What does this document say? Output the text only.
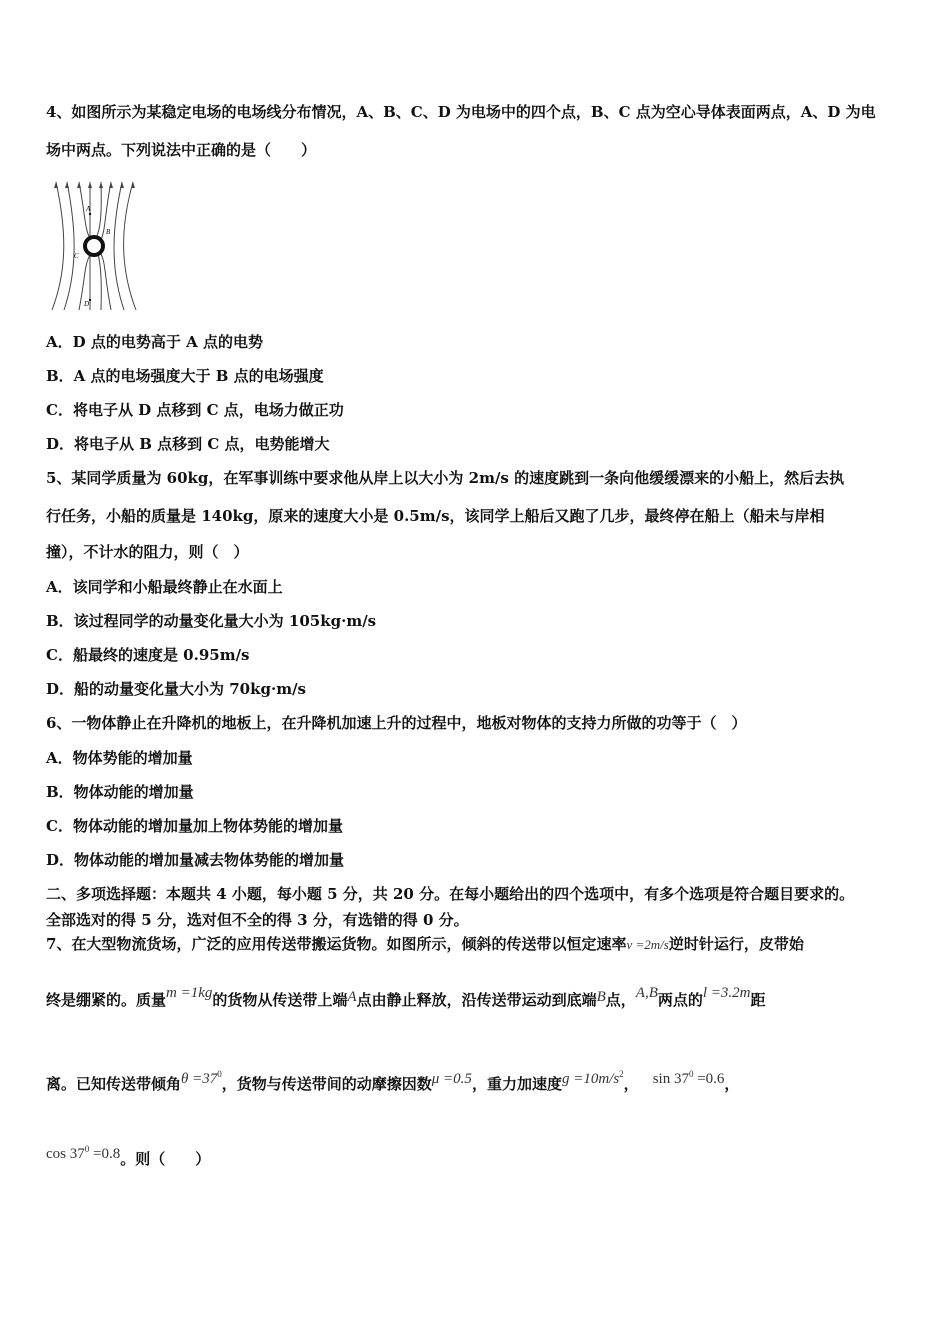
4、如图所示为某稳定电场的电场线分布情况，A、B、C、D 为电场中的四个点，B、C 点为空心导体表面两点，A、D 为电
场中两点。下列说法中正确的是（　　）
A
B
C
D
A．D 点的电势高于 A 点的电势
B．A 点的电场强度大于 B 点的电场强度
C．将电子从 D 点移到 C 点，电场力做正功
D．将电子从 B 点移到 C 点，电势能增大
5、某同学质量为 60kg，在军事训练中要求他从岸上以大小为 2m/s 的速度跳到一条向他缓缓漂来的小船上，然后去执
行任务，小船的质量是 140kg，原来的速度大小是 0.5m/s，该同学上船后又跑了几步，最终停在船上（船未与岸相
撞），不计水的阻力，则（　）
A．该同学和小船最终静止在水面上
B．该过程同学的动量变化量大小为 105kg·m/s
C．船最终的速度是 0.95m/s
D．船的动量变化量大小为 70kg·m/s
6、一物体静止在升降机的地板上，在升降机加速上升的过程中，地板对物体的支持力所做的功等于（　）
A．物体势能的增加量
B．物体动能的增加量
C．物体动能的增加量加上物体势能的增加量
D．物体动能的增加量减去物体势能的增加量
二、多项选择题：本题共 4 小题，每小题 5 分，共 20 分。在每小题给出的四个选项中，有多个选项是符合题目要求的。
全部选对的得 5 分，选对但不全的得 3 分，有选错的得 0 分。
7、在大型物流货场，广泛的应用传送带搬运货物。如图所示，倾斜的传送带以恒定速率v =2m/s逆时针运行，皮带始
终是绷紧的。质量m =1kg的货物从传送带上端A点由静止释放，沿传送带运动到底端B点，A,B两点的l =3.2m距
离。已知传送带倾角$\theta =37^0$，货物与传送带间的动摩擦因数μ =0.5，重力加速度$g =10m/s^2$， $\sin 37^0 =0.6$，
$\cos 37^0 =0.8$。则（　　）
